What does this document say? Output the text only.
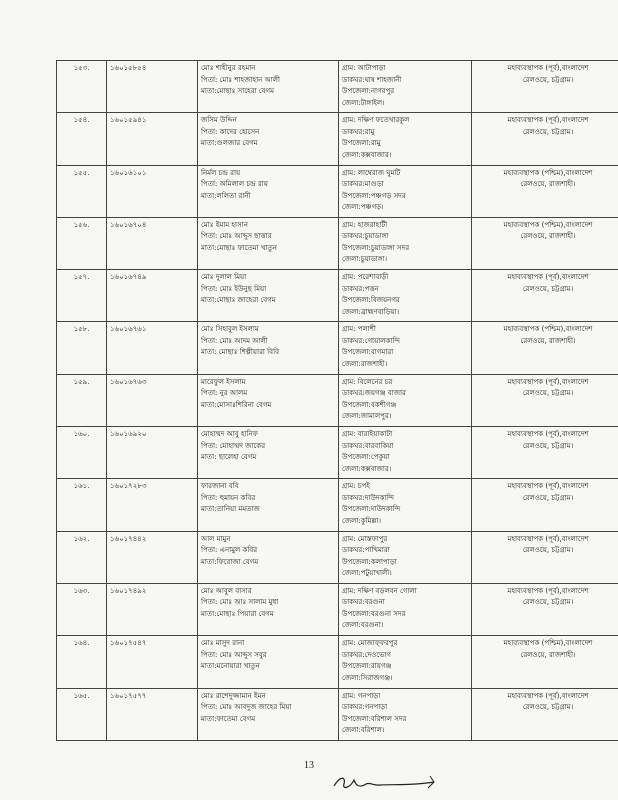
১৫৩.	১৬০১৫৮৫৪	মোঃ শাহীনুর রহমান
পিতা: মোঃ শাহজাহান আলী
মাতা:মোছাঃ সাহেরা বেগম	গ্রাম: আটাপাড়া
ডাকঘর:ঘাষ শাহজানী
উপজেলা:নাগরপুর
জেলা:টাঙ্গাইল।	মহাব্যবস্থাপক (পূর্ব),বাংলাদেশ
রেলওয়ে, চট্টগ্রাম।

১৫৪.	১৬০১৫৯৪১	জসিম উদ্দিন
পিতা: কাদের হোসেন
মাতা:গুলজার বেগম	গ্রাম: দক্ষিণ ফতেখারকুল
ডাকঘর:রামু
উপজেলা:রামু
জেলা:কক্সবাজার।	মহাব্যবস্থাপক (পূর্ব),বাংলাদেশ
রেলওয়ে, চট্টগ্রাম।

১৫৫.	১৬০১৬১০১	নির্মল চন্দ্র রায়
পিতা: অমিলাল চন্দ্র রায়
মাতা:ললিতা রানী	গ্রাম: লাম্বেরাজ ঘুমটি
ডাকঘর:মাগুড়া
উপজেলা:পঞ্চগড় সদর
জেলা:পঞ্চগড়।	মহাব্যবস্থাপক (পশ্চিম),বাংলাদেশ
রেলওয়ে, রাজশাহী।

১৫৬.	১৬০১৬৭০৪	মোঃ ইমাম হাসান
পিতা: মোঃ আব্দুস ছাত্তার
মাতা:মোছাঃ ফাতেমা খাতুন	গ্রাম: হাজরাহাটী
ডাকঘর:চুয়াডাঙ্গা
উপজেলা:চুয়াডাঙ্গা সদর
জেলা:চুয়াডাঙ্গা।	মহাব্যবস্থাপক (পশ্চিম),বাংলাদেশ
রেলওয়ে, রাজশাহী।

১৫৭.	১৬০১৬৭৪৯	মোঃ দুলাল মিয়া
পিতা: মোঃ ইউনুছ মিয়া
মাতা:মোছাঃ জাহেরা বেগম	গ্রাম: পরেশাবাড়ী
ডাকঘর:পত্তন
উপজেলা:বিজয়নগর
জেলা:ব্রাহ্মণবাড়িয়া।	মহাব্যবস্থাপক (পূর্ব),বাংলাদেশ
রেলওয়ে, চট্টগ্রাম।

১৫৮.	১৬০১৬৭৬১	মোঃ সিহাবুল ইসলাম
পিতা: মোঃ আদম আলী
মাতা: মোছাঃ শিল্পীয়ারা বিবি	গ্রাম: পলাশী
ডাকঘর:গোয়ালকান্দি
উপজেলা:বাগমারা
জেলা:রাজশাহী।	মহাব্যবস্থাপক (পশ্চিম),বাংলাদেশ
রেলওয়ে, রাজশাহী।

১৫৯.	১৬০১৬৭৬৩	মারেফুল ইসলাম
পিতা: নুর আলম
মাতা:মোসাঃশিরিনা বেগম	গ্রাম: বিলেনের চর
ডাকঘর:জয়গঞ্জ বাজার
উপজেলা:বকশীগঞ্জ
জেলা:জামালপুর।	মহাব্যবস্থাপক (পূর্ব),বাংলাদেশ
রেলওয়ে, চট্টগ্রাম।

১৬০.	১৬০১৬৯২০	মোহাম্মদ আবু হানিফ
পিতা: মোহাম্মদ জাকের
মাতা: ছালেহা বেগম	গ্রাম: বারাইয়াকাটা
ডাকঘর:বারবাকিয়া
উপজেলা:পেকুয়া
জেলা:কক্সবাজার।	মহাব্যবস্থাপক (পূর্ব),বাংলাদেশ
রেলওয়ে, চট্টগ্রাম।

১৬১.	১৬০১৭২৮৩	ফারজানা ববি
পিতা: হুমায়ন কবির
মাতা:তানিয়া মমতাজ	গ্রাম: চপই
ডাকঘর:দাউদকান্দি
উপজেলা:দাউদকান্দি
জেলা:কুমিল্লা।	মহাব্যবস্থাপক (পূর্ব),বাংলাদেশ
রেলওয়ে, চট্টগ্রাম।

১৬২.	১৬০১৭৪৪২	আল মামুন
পিতা: এনামুল কবির
মাতা:ফিরোজা বেগম	গ্রাম: মোস্তফাপুর
ডাকঘর:পাখিমারা
উপজেলা:কলাপাড়া
জেলা:পটুয়াখালী।	মহাব্যবস্থাপক (পূর্ব),বাংলাদেশ
রেলওয়ে, চট্টগ্রাম।

১৬৩.	১৬০১৭৪৯২	মোঃ আবুল বাসার
পিতা: মোঃ আঃ সালাম মুধা
মাতা:মোছাঃ পিয়ারা বেগম	গ্রাম: দক্ষিণ বড়লবন গোলা
ডাকঘর:বরগুনা
উপজেলা:বরগুনা সদর
জেলা:বরগুনা।	মহাব্যবস্থাপক (পূর্ব),বাংলাদেশ
রেলওয়ে, চট্টগ্রাম।

১৬৪.	১৬০১৭৫৪৭	মোঃ মাসুদ রানা
পিতা: মোঃ আব্দুস সবুর
মাতা:মনোয়ারা খাতুন	গ্রাম: মোজাফ্ফরপুর
ডাকঘর:দেওভোগ
উপজেলা:রায়গঞ্জ
জেলা:সিরাজগঞ্জ।	মহাব্যবস্থাপক (পশ্চিম),বাংলাদেশ
রেলওয়ে, রাজশাহী।

১৬৫.	১৬০১৭৫৭৭	মোঃ রাশেদুজ্জামান ইমন
পিতা: মোঃ আবদুজ জাহের মিয়া
মাতা:ফাতেমা বেগম	গ্রাম: গনপাড়া
ডাকঘর:গনপাড়া
উপজেলা:বরিশাল সদর
জেলা:বরিশাল।	মহাব্যবস্থাপক (পূর্ব),বাংলাদেশ
রেলওয়ে, চট্টগ্রাম।
13
